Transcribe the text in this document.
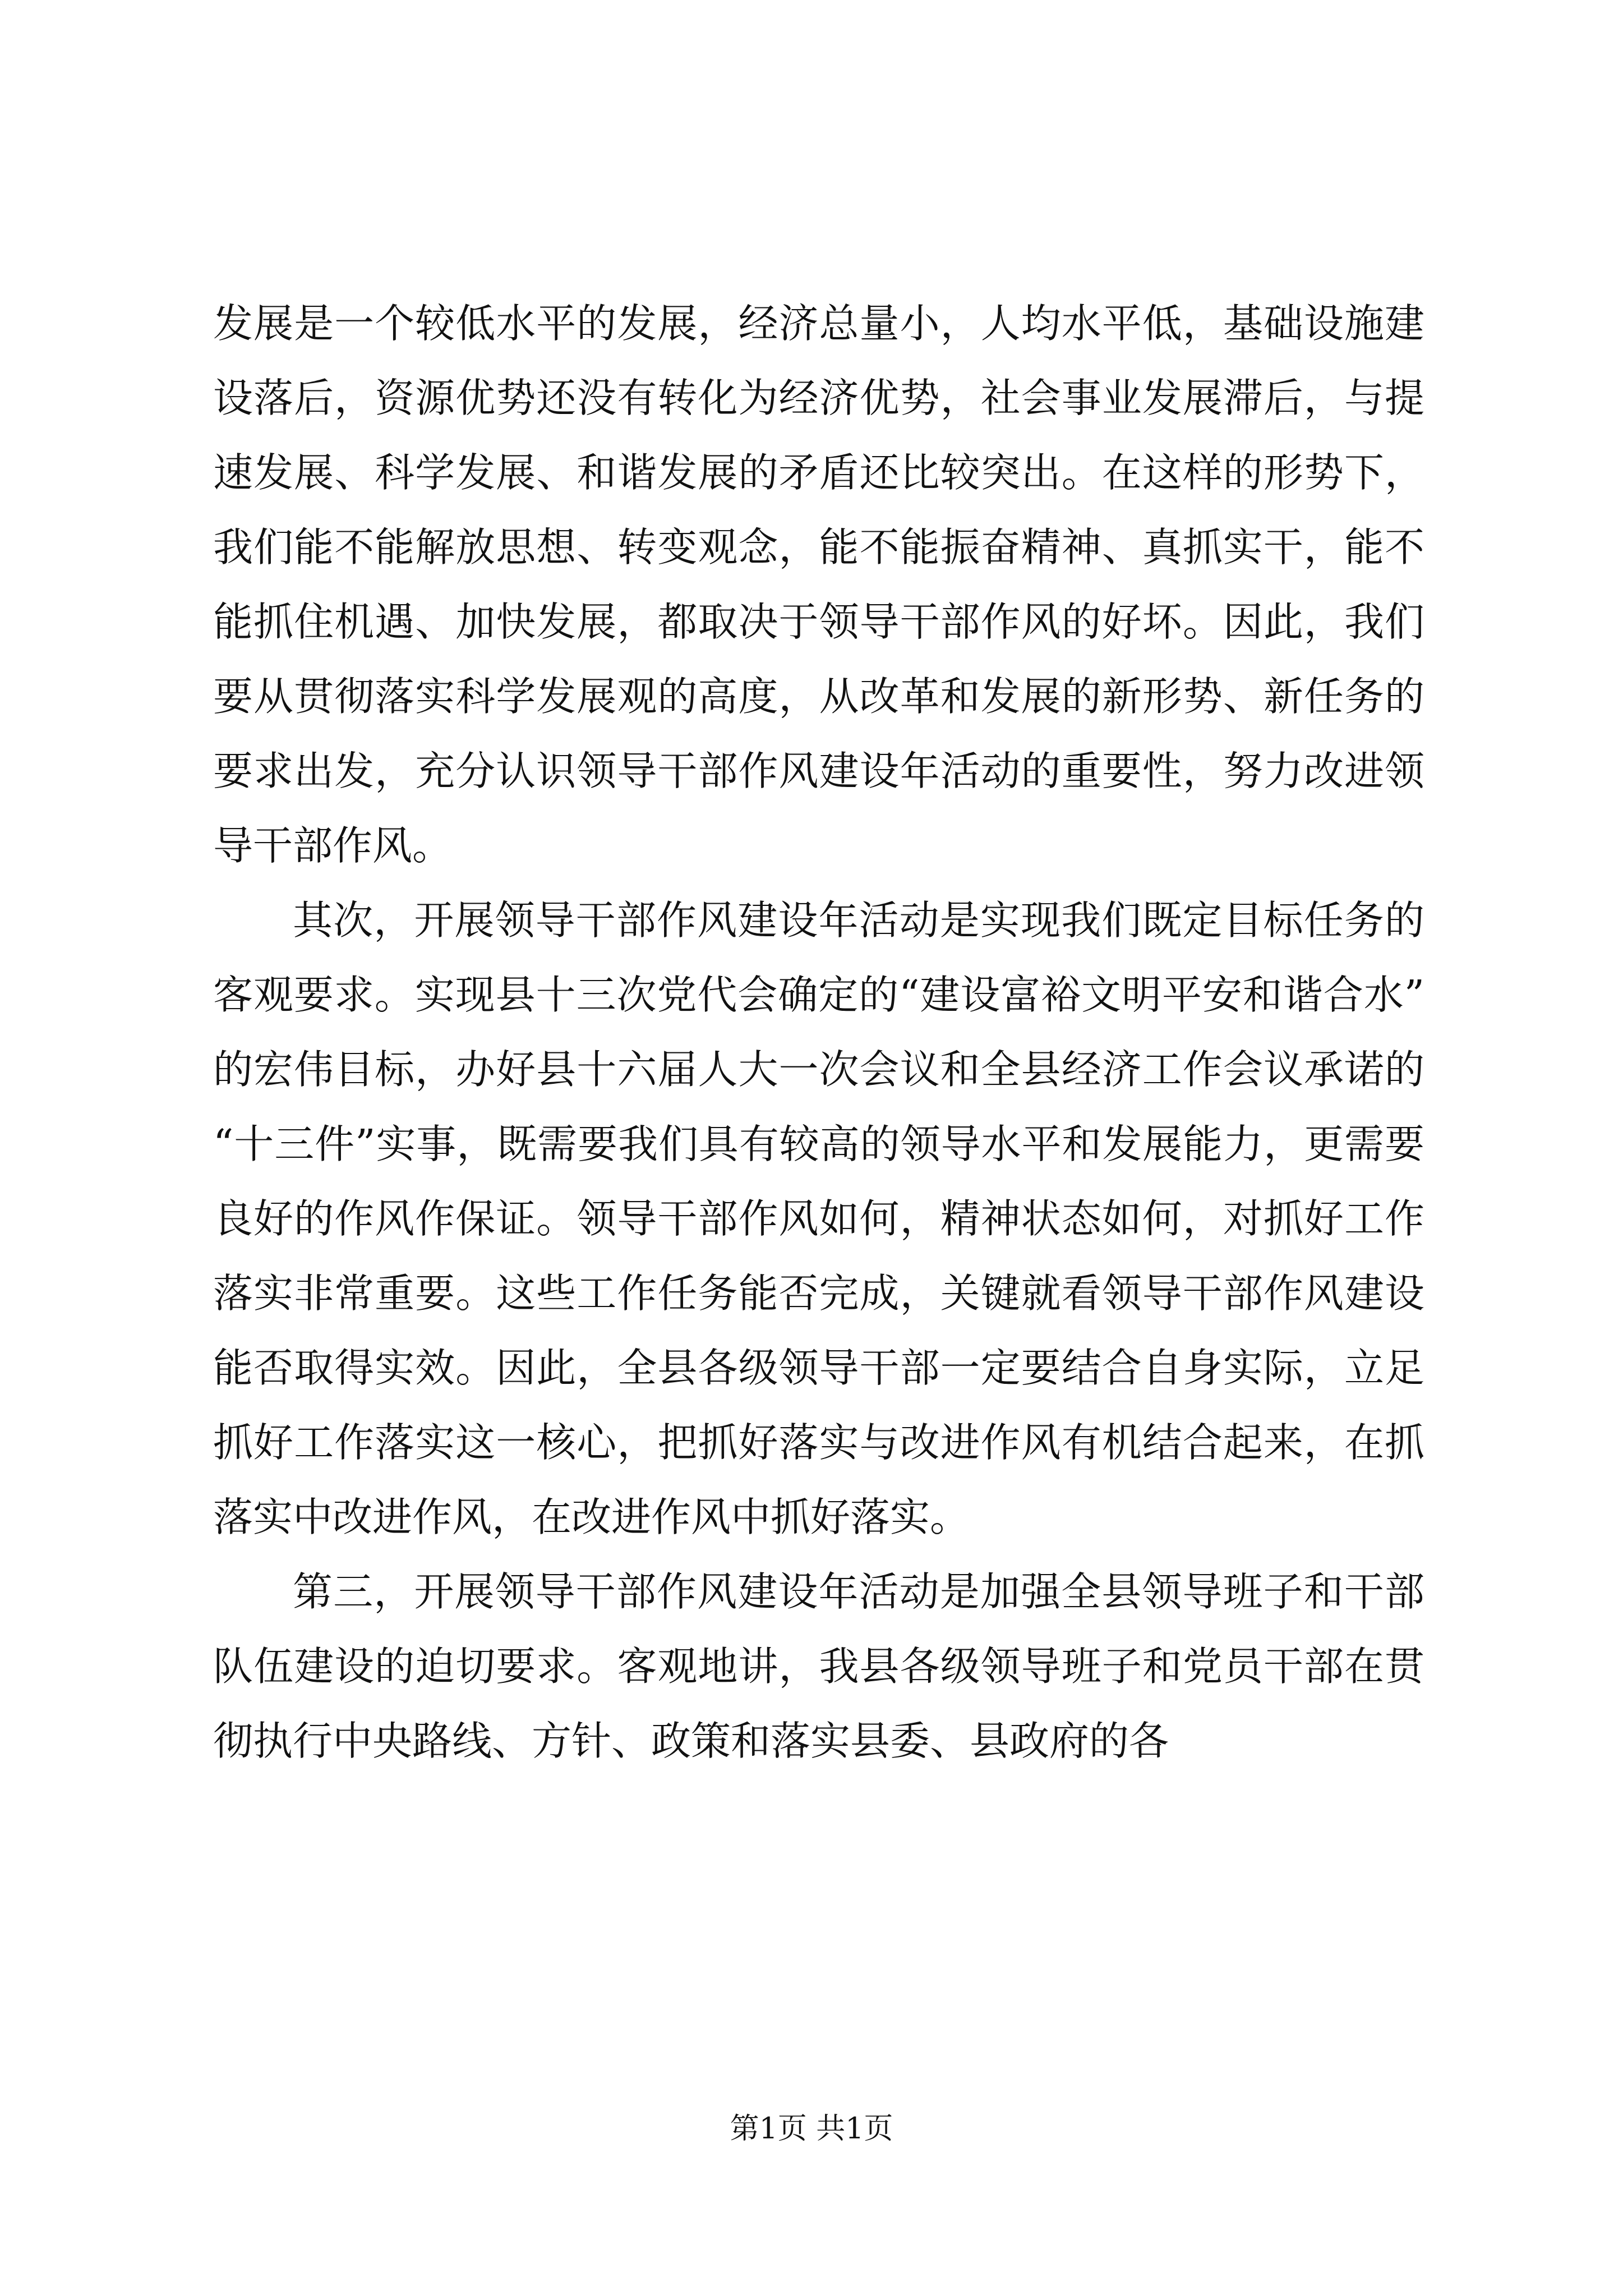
发展是一个较低水平的发展，经济总量小，人均水平低，基础设施建设落后，资源优势还没有转化为经济优势，社会事业发展滞后，与提速发展、科学发展、和谐发展的矛盾还比较突出。在这样的形势下，我们能不能解放思想、转变观念，能不能振奋精神、真抓实干，能不能抓住机遇、加快发展，都取决于领导干部作风的好坏。因此，我们要从贯彻落实科学发展观的高度，从改革和发展的新形势、新任务的要求出发，充分认识领导干部作风建设年活动的重要性，努力改进领导干部作风。

其次，开展领导干部作风建设年活动是实现我们既定目标任务的客观要求。实现县十三次党代会确定的“建设富裕文明平安和谐合水”的宏伟目标，办好县十六届人大一次会议和全县经济工作会议承诺的“十三件”实事，既需要我们具有较高的领导水平和发展能力，更需要良好的作风作保证。领导干部作风如何，精神状态如何，对抓好工作落实非常重要。这些工作任务能否完成，关键就看领导干部作风建设能否取得实效。因此，全县各级领导干部一定要结合自身实际，立足抓好工作落实这一核心，把抓好落实与改进作风有机结合起来，在抓落实中改进作风，在改进作风中抓好落实。

第三，开展领导干部作风建设年活动是加强全县领导班子和干部队伍建设的迫切要求。客观地讲，我县各级领导班子和党员干部在贯彻执行中央路线、方针、政策和落实县委、县政府的各

第1页 共1页
